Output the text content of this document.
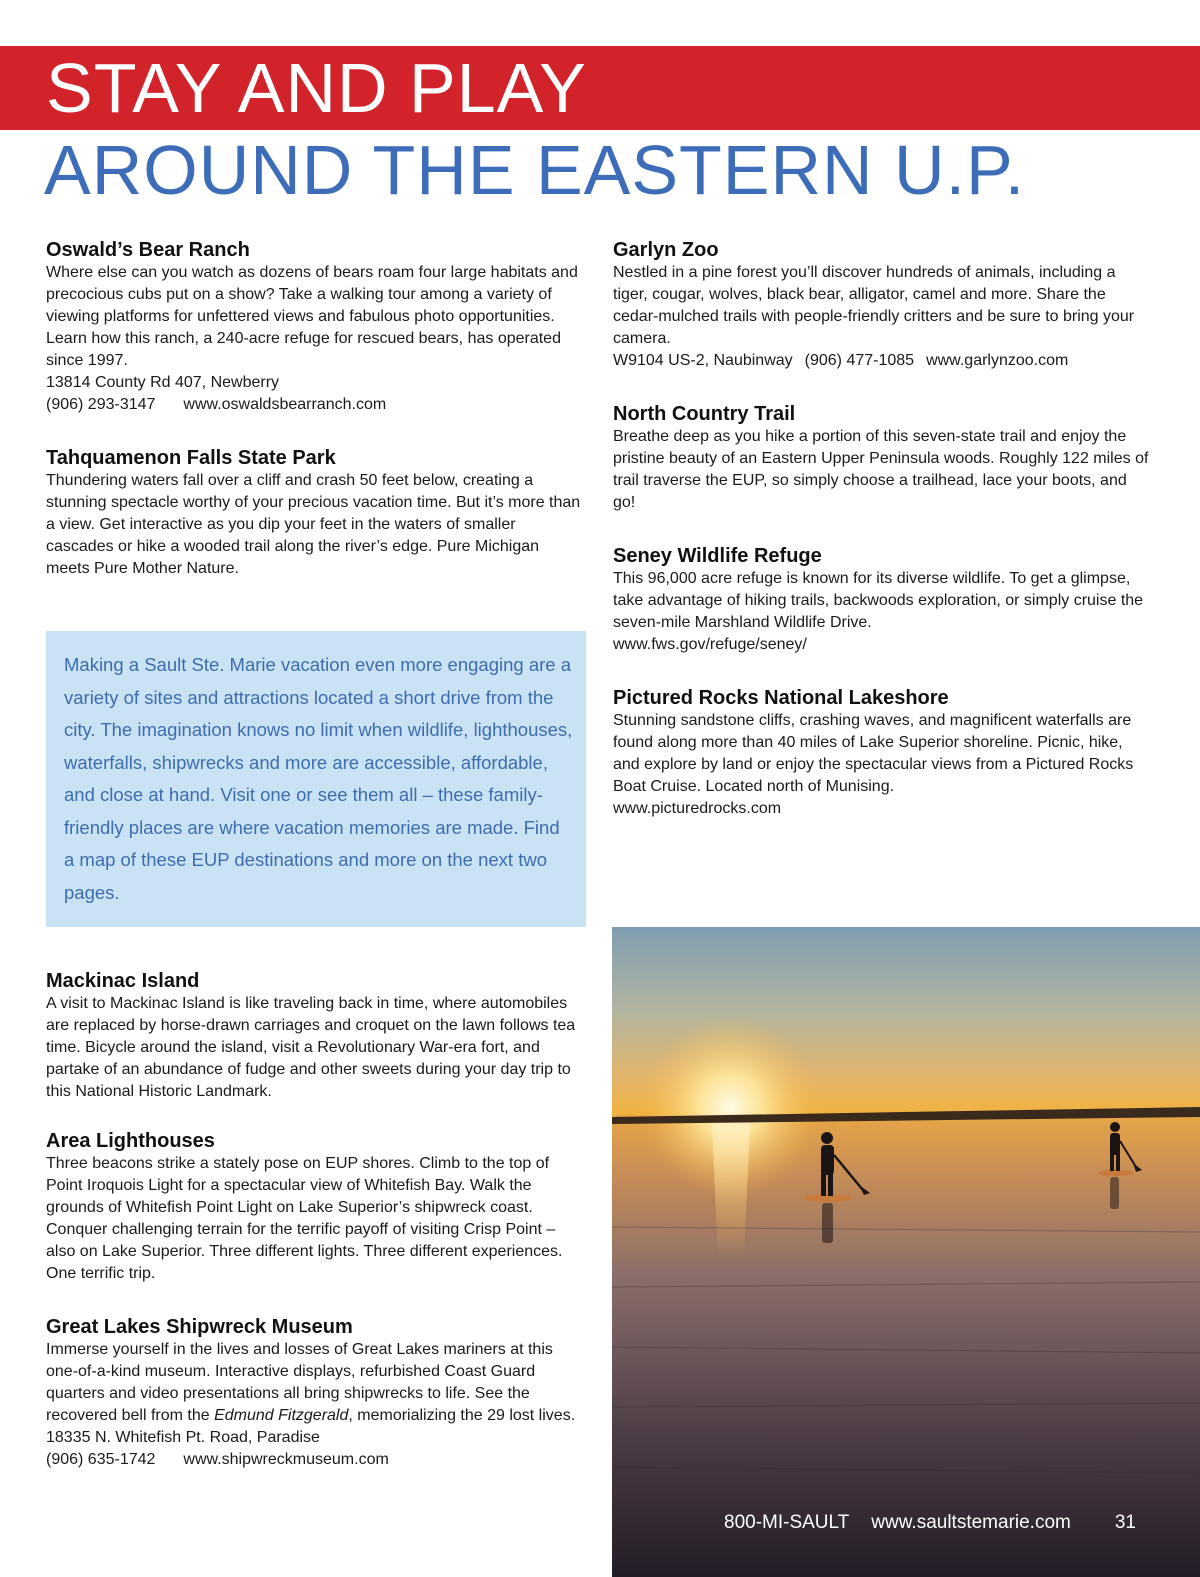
STAY AND PLAY
AROUND THE EASTERN U.P.
Oswald’s Bear Ranch

Where else can you watch as dozens of bears roam four large habitats and precocious cubs put on a show? Take a walking tour among a variety of viewing platforms for unfettered views and fabulous photo opportunities. Learn how this ranch, a 240-acre refuge for rescued bears, has operated since 1997.

13814 County Rd 407, Newberry
(906) 293-3147 www.oswaldsbearranch.com
Tahquamenon Falls State Park

Thundering waters fall over a cliff and crash 50 feet below, creating a stunning spectacle worthy of your precious vacation time. But it’s more than a view. Get interactive as you dip your feet in the waters of smaller cascades or hike a wooded trail along the river’s edge. Pure Michigan meets Pure Mother Nature.

Making a Sault Ste. Marie vacation even more engaging are a variety of sites and attractions located a short drive from the city. The imagination knows no limit when wildlife, lighthouses, waterfalls, shipwrecks and more are accessible, affordable, and close at hand. Visit one or see them all – these family-friendly places are where vacation memories are made. Find a map of these EUP destinations and more on the next two pages.

Mackinac Island

A visit to Mackinac Island is like traveling back in time, where automobiles are replaced by horse-drawn carriages and croquet on the lawn follows tea time. Bicycle around the island, visit a Revolutionary War-era fort, and partake of an abundance of fudge and other sweets during your day trip to this National Historic Landmark.

Area Lighthouses

Three beacons strike a stately pose on EUP shores. Climb to the top of Point Iroquois Light for a spectacular view of Whitefish Bay. Walk the grounds of Whitefish Point Light on Lake Superior’s shipwreck coast. Conquer challenging terrain for the terrific payoff of visiting Crisp Point – also on Lake Superior. Three different lights. Three different experiences. One terrific trip.

Great Lakes Shipwreck Museum

Immerse yourself in the lives and losses of Great Lakes mariners at this one-of-a-kind museum. Interactive displays, refurbished Coast Guard quarters and video presentations all bring shipwrecks to life. See the recovered bell from the Edmund Fitzgerald, memorializing the 29 lost lives.

18335 N. Whitefish Pt. Road, Paradise
(906) 635-1742 www.shipwreckmuseum.com
Garlyn Zoo

Nestled in a pine forest you’ll discover hundreds of animals, including a tiger, cougar, wolves, black bear, alligator, camel and more. Share the cedar-mulched trails with people-friendly critters and be sure to bring your camera.

W9104 US-2, Naubinway (906) 477-1085 www.garlynzoo.com
North Country Trail

Breathe deep as you hike a portion of this seven-state trail and enjoy the pristine beauty of an Eastern Upper Peninsula woods. Roughly 122 miles of trail traverse the EUP, so simply choose a trailhead, lace your boots, and go!

Seney Wildlife Refuge

This 96,000 acre refuge is known for its diverse wildlife. To get a glimpse, take advantage of hiking trails, backwoods exploration, or simply cruise the seven-mile Marshland Wildlife Drive.

www.fws.gov/refuge/seney/
Pictured Rocks National Lakeshore

Stunning sandstone cliffs, crashing waves, and magnificent waterfalls are found along more than 40 miles of Lake Superior shoreline. Picnic, hike, and explore by land or enjoy the spectacular views from a Pictured Rocks Boat Cruise. Located north of Munising.

www.picturedrocks.com
800-MI-SAULT www.saultstemarie.com 31
